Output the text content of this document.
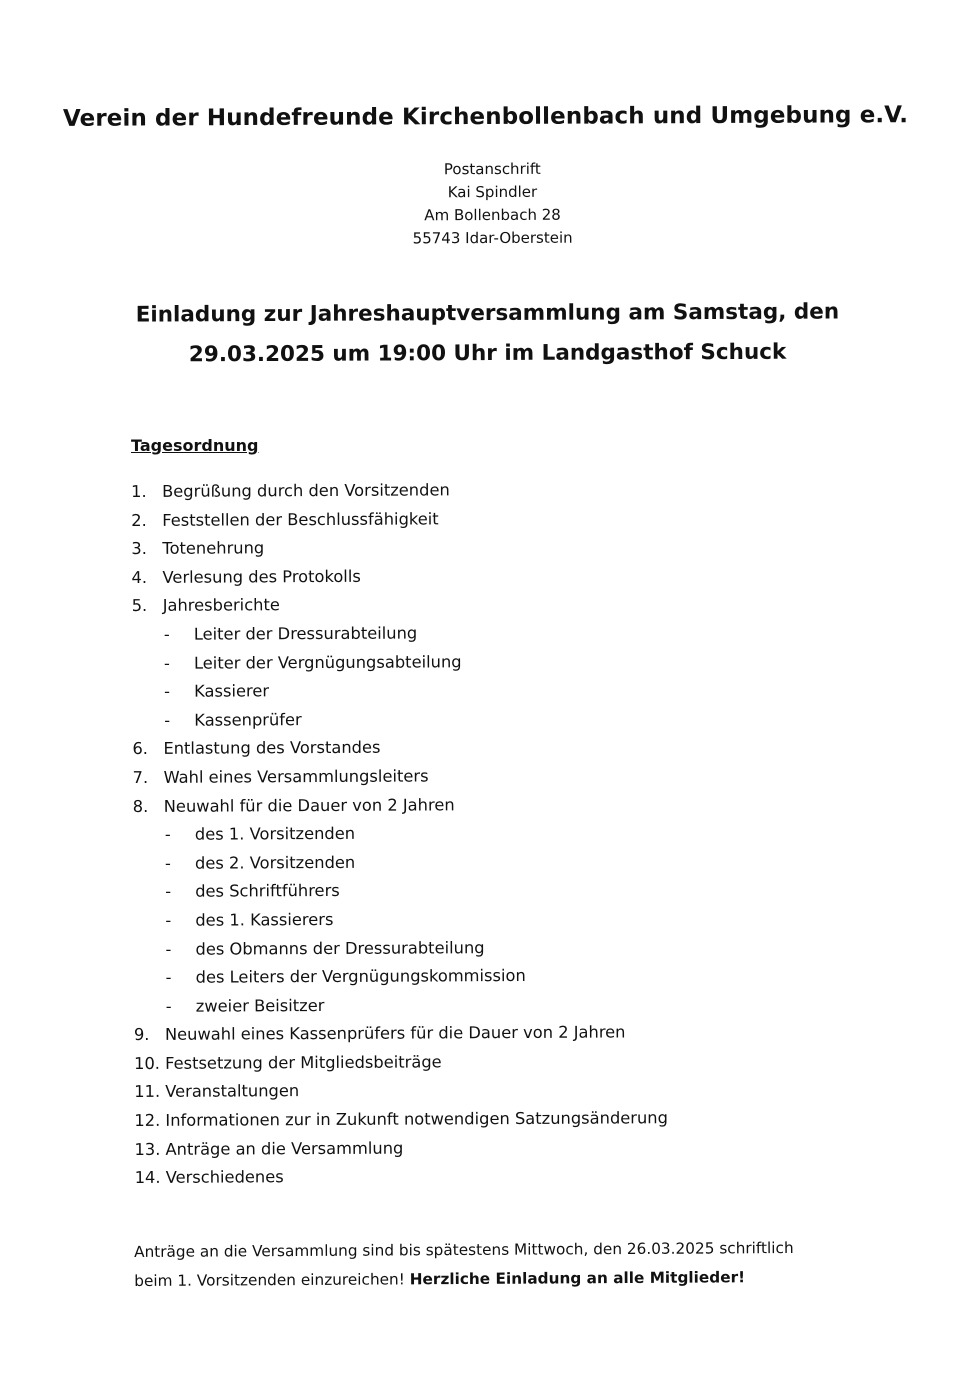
Verein der Hundefreunde Kirchenbollenbach und Umgebung e.V.
Postanschrift
Kai Spindler
Am Bollenbach 28
55743 Idar-Oberstein
Einladung zur Jahreshauptversammlung am Samstag, den
29.03.2025 um 19:00 Uhr im Landgasthof Schuck
Tagesordnung
1. Begrüßung durch den Vorsitzenden
2. Feststellen der Beschlussfähigkeit
3. Totenehrung
4. Verlesung des Protokolls
5. Jahresberichte
- Leiter der Dressurabteilung
- Leiter der Vergnügungsabteilung
- Kassierer
- Kassenprüfer
6. Entlastung des Vorstandes
7. Wahl eines Versammlungsleiters
8. Neuwahl für die Dauer von 2 Jahren
- des 1. Vorsitzenden
- des 2. Vorsitzenden
- des Schriftführers
- des 1. Kassierers
- des Obmanns der Dressurabteilung
- des Leiters der Vergnügungskommission
- zweier Beisitzer
9. Neuwahl eines Kassenprüfers für die Dauer von 2 Jahren
10. Festsetzung der Mitgliedsbeiträge
11. Veranstaltungen
12. Informationen zur in Zukunft notwendigen Satzungsänderung
13. Anträge an die Versammlung
14. Verschiedenes
Anträge an die Versammlung sind bis spätestens Mittwoch, den 26.03.2025 schriftlich
beim 1. Vorsitzenden einzureichen! Herzliche Einladung an alle Mitglieder!
